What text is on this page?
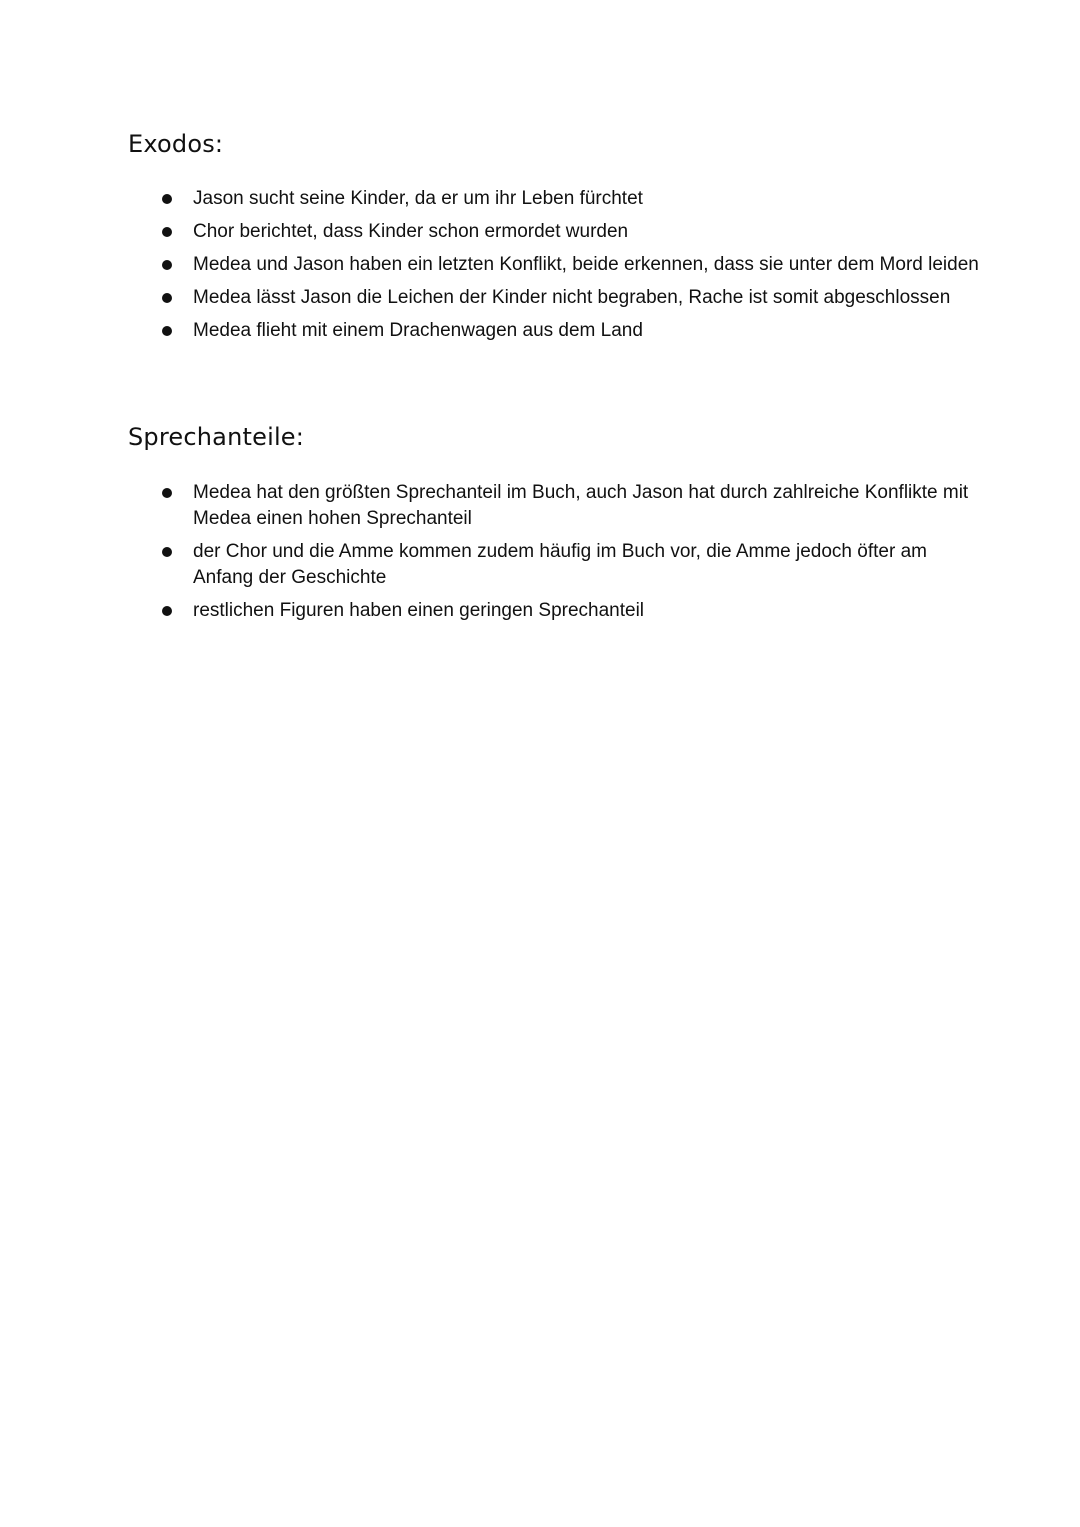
Exodos:
Jason sucht seine Kinder, da er um ihr Leben fürchtet
Chor berichtet, dass Kinder schon ermordet wurden
Medea und Jason haben ein letzten Konflikt, beide erkennen, dass sie unter dem Mord leiden
Medea lässt Jason die Leichen der Kinder nicht begraben, Rache ist somit abgeschlossen
Medea flieht mit einem Drachenwagen aus dem Land
Sprechanteile:
Medea hat den größten Sprechanteil im Buch, auch Jason hat durch zahlreiche Konflikte mit Medea einen hohen Sprechanteil
der Chor und die Amme kommen zudem häufig im Buch vor, die Amme jedoch öfter am Anfang der Geschichte
restlichen Figuren haben einen geringen Sprechanteil
